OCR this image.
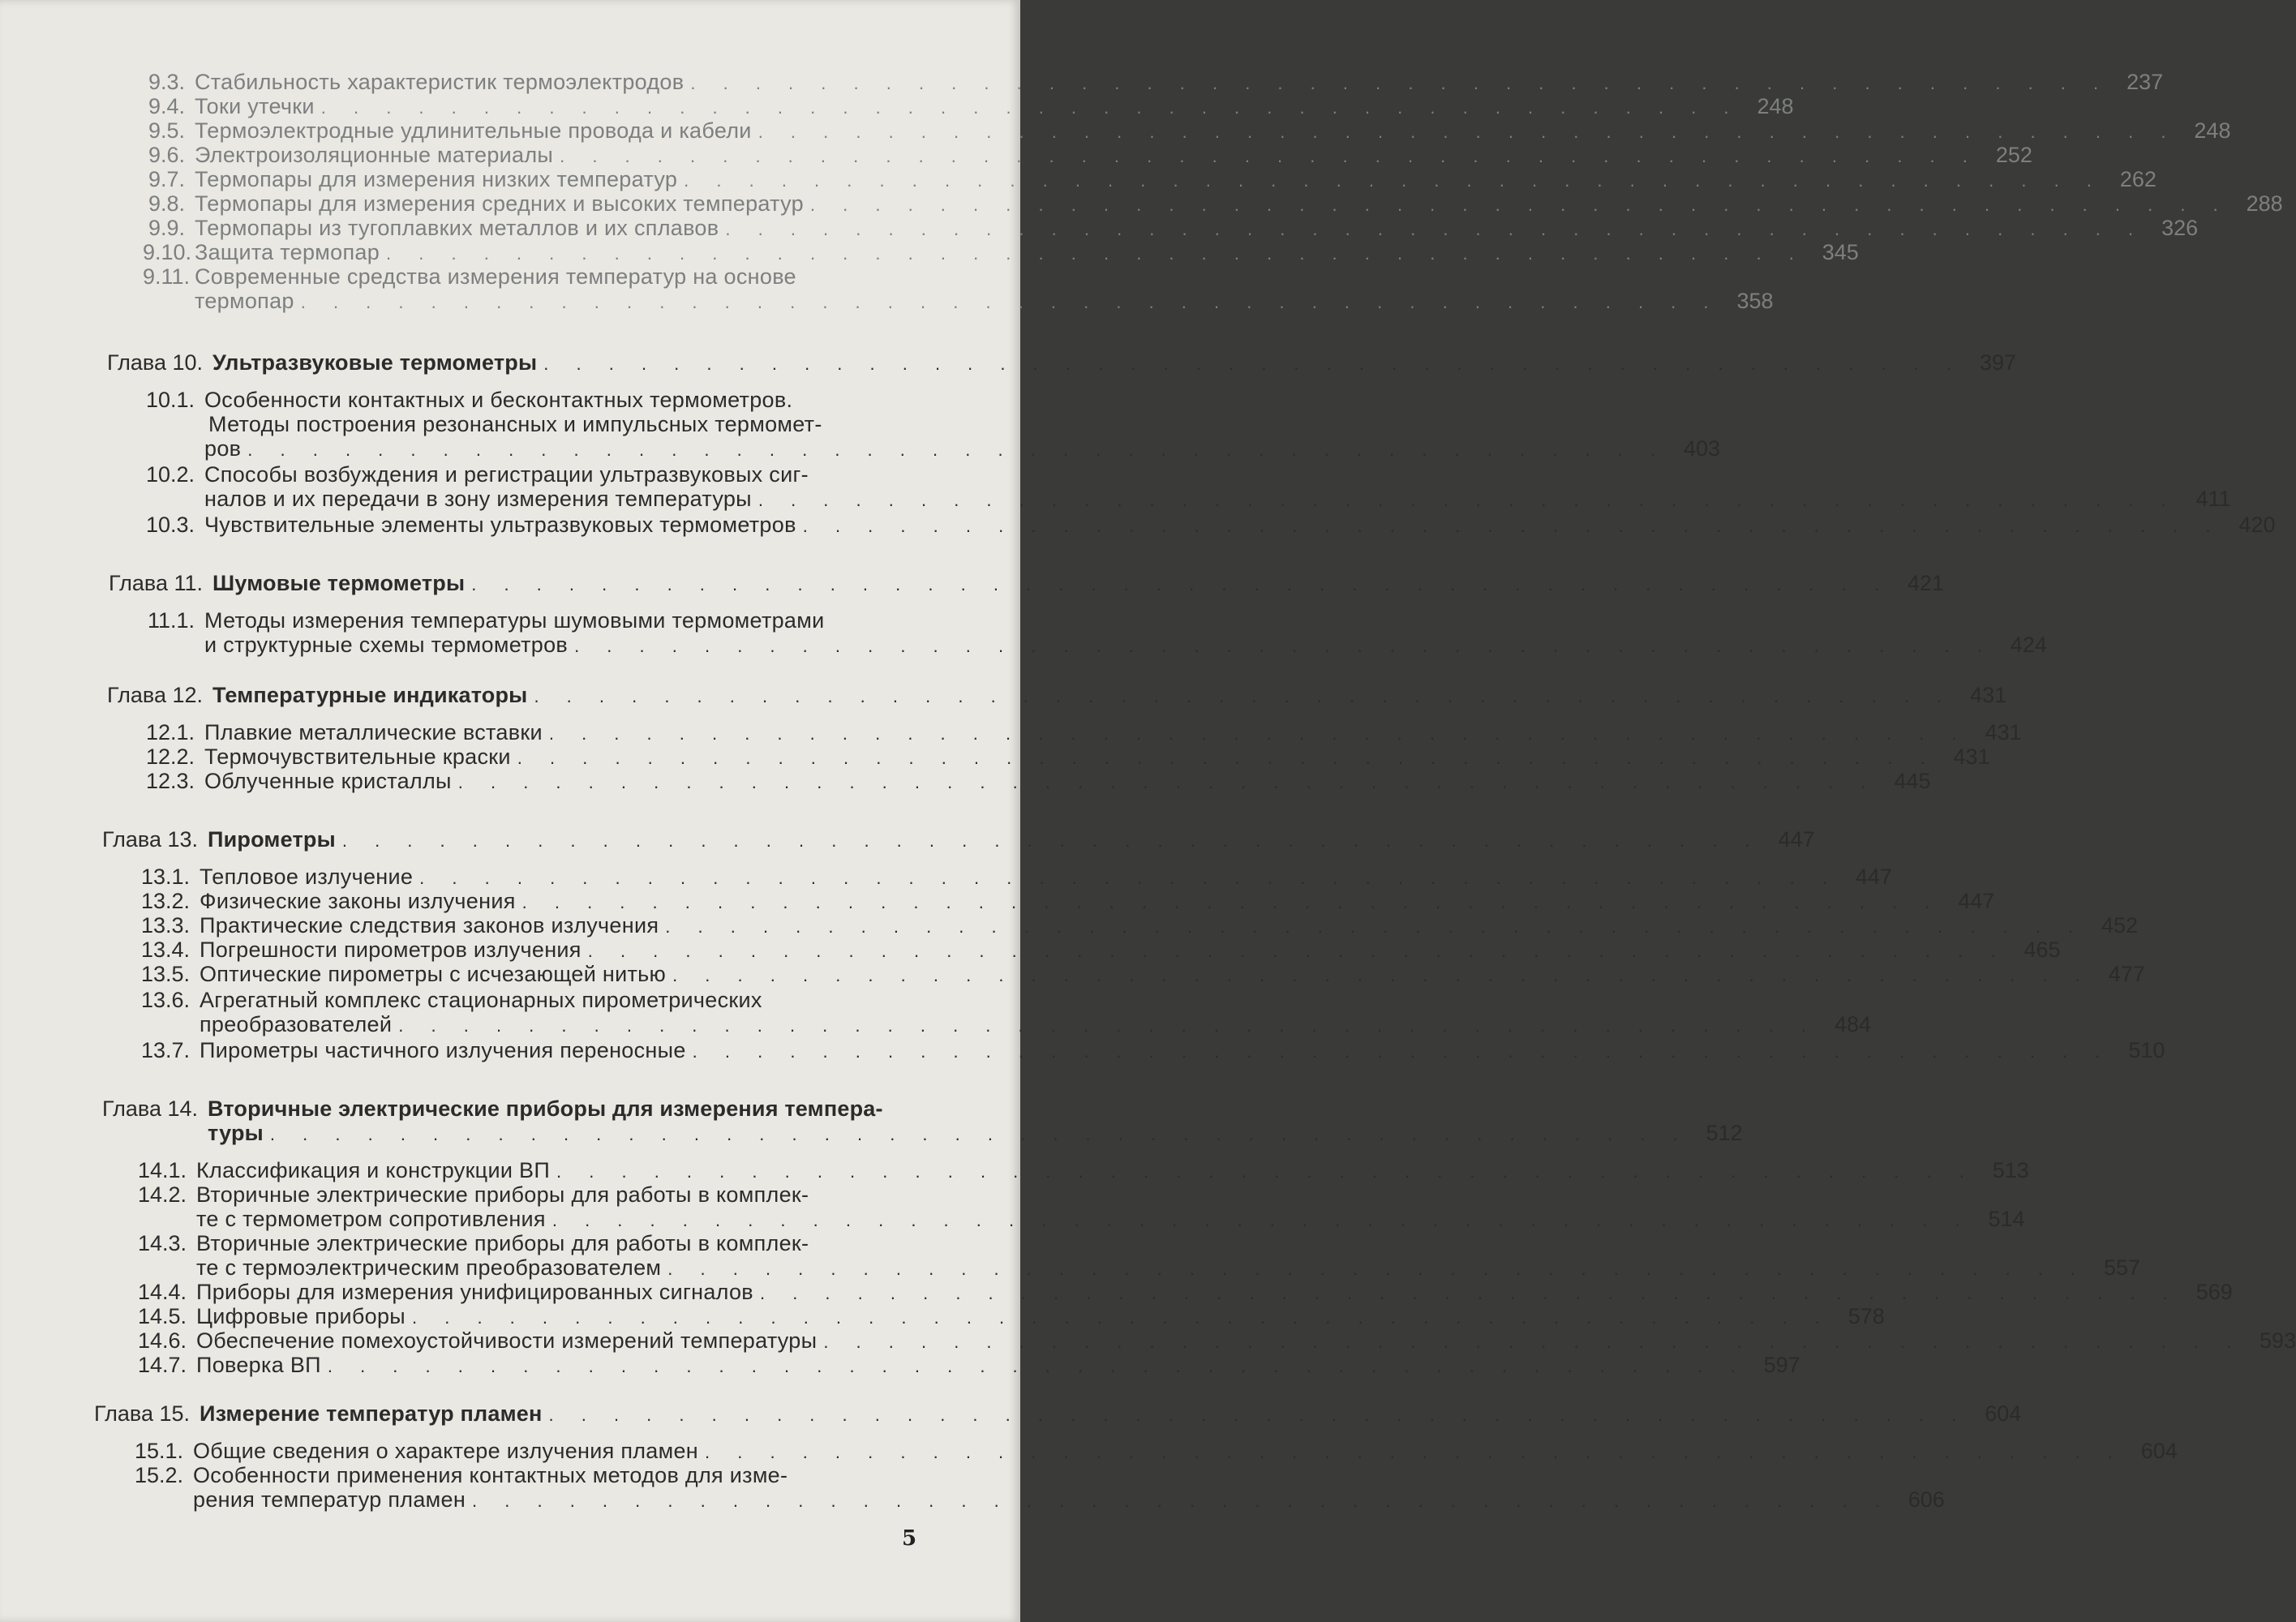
9.3. Стабильность характеристик термоэлектродов . . . . . . . . . . . . . . . . . . . . . . . . . . . . . . . . . . . . . . . . . . . . 237
9.4. Токи утечки . . . . . . . . . . . . . . . . . . . . . . . . . . . . . . . . . . . . . . . . . . . . 248
9.5. Термоэлектродные удлинительные провода и кабели . . . . . . . . . . . . . . . . . . . . . . . . . . . . . . . . . . . . . . . . . . . . 248
9.6. Электроизоляционные материалы . . . . . . . . . . . . . . . . . . . . . . . . . . . . . . . . . . . . . . . . . . . . 252
9.7. Термопары для измерения низких температур . . . . . . . . . . . . . . . . . . . . . . . . . . . . . . . . . . . . . . . . . . . . 262
9.8. Термопары для измерения средних и высоких температур . . . . . . . . . . . . . . . . . . . . . . . . . . . . . . . . . . . . . . . . . . . . 288
9.9. Термопары из тугоплавких металлов и их сплавов . . . . . . . . . . . . . . . . . . . . . . . . . . . . . . . . . . . . . . . . . . . . 326
9.10. Защита термопар . . . . . . . . . . . . . . . . . . . . . . . . . . . . . . . . . . . . . . . . . . . . 345
9.11. Современные средства измерения температур на основе
термопар . . . . . . . . . . . . . . . . . . . . . . . . . . . . . . . . . . . . . . . . . . . . 358
Глава 10. Ультразвуковые термометры . . . . . . . . . . . . . . . . . . . . . . . . . . . . . . . . . . . . . . . . . . . . 397
10.1. Особенности контактных и бесконтактных термометров.
Методы построения резонансных и импульсных термомет-
ров . . . . . . . . . . . . . . . . . . . . . . . . . . . . . . . . . . . . . . . . . . . . 403
10.2. Способы возбуждения и регистрации ультразвуковых сиг-
налов и их передачи в зону измерения температуры . . . . . . . . . . . . . . . . . . . . . . . . . . . . . . . . . . . . . . . . . . . . 411
10.3. Чувствительные элементы ультразвуковых термометров . . . . . . . . . . . . . . . . . . . . . . . . . . . . . . . . . . . . . . . . . . . . 420
Глава 11. Шумовые термометры . . . . . . . . . . . . . . . . . . . . . . . . . . . . . . . . . . . . . . . . . . . . 421
11.1. Методы измерения температуры шумовыми термометрами
и структурные схемы термометров . . . . . . . . . . . . . . . . . . . . . . . . . . . . . . . . . . . . . . . . . . . . 424
Глава 12. Температурные индикаторы . . . . . . . . . . . . . . . . . . . . . . . . . . . . . . . . . . . . . . . . . . . . 431
12.1. Плавкие металлические вставки . . . . . . . . . . . . . . . . . . . . . . . . . . . . . . . . . . . . . . . . . . . . 431
12.2. Термочувствительные краски . . . . . . . . . . . . . . . . . . . . . . . . . . . . . . . . . . . . . . . . . . . . 431
12.3. Облученные кристаллы . . . . . . . . . . . . . . . . . . . . . . . . . . . . . . . . . . . . . . . . . . . . 445
Глава 13. Пирометры . . . . . . . . . . . . . . . . . . . . . . . . . . . . . . . . . . . . . . . . . . . . 447
13.1. Тепловое излучение . . . . . . . . . . . . . . . . . . . . . . . . . . . . . . . . . . . . . . . . . . . . 447
13.2. Физические законы излучения . . . . . . . . . . . . . . . . . . . . . . . . . . . . . . . . . . . . . . . . . . . . 447
13.3. Практические следствия законов излучения . . . . . . . . . . . . . . . . . . . . . . . . . . . . . . . . . . . . . . . . . . . . 452
13.4. Погрешности пирометров излучения . . . . . . . . . . . . . . . . . . . . . . . . . . . . . . . . . . . . . . . . . . . . 465
13.5. Оптические пирометры с исчезающей нитью . . . . . . . . . . . . . . . . . . . . . . . . . . . . . . . . . . . . . . . . . . . . 477
13.6. Агрегатный комплекс стационарных пирометрических
преобразователей . . . . . . . . . . . . . . . . . . . . . . . . . . . . . . . . . . . . . . . . . . . . 484
13.7. Пирометры частичного излучения переносные . . . . . . . . . . . . . . . . . . . . . . . . . . . . . . . . . . . . . . . . . . . . 510
Глава 14. Вторичные электрические приборы для измерения темпера-
туры . . . . . . . . . . . . . . . . . . . . . . . . . . . . . . . . . . . . . . . . . . . . 512
14.1. Классификация и конструкции ВП . . . . . . . . . . . . . . . . . . . . . . . . . . . . . . . . . . . . . . . . . . . . 513
14.2. Вторичные электрические приборы для работы в комплек-
те с термометром сопротивления . . . . . . . . . . . . . . . . . . . . . . . . . . . . . . . . . . . . . . . . . . . . 514
14.3. Вторичные электрические приборы для работы в комплек-
те с термоэлектрическим преобразователем . . . . . . . . . . . . . . . . . . . . . . . . . . . . . . . . . . . . . . . . . . . . 557
14.4. Приборы для измерения унифицированных сигналов . . . . . . . . . . . . . . . . . . . . . . . . . . . . . . . . . . . . . . . . . . . . 569
14.5. Цифровые приборы . . . . . . . . . . . . . . . . . . . . . . . . . . . . . . . . . . . . . . . . . . . . 578
14.6. Обеспечение помехоустойчивости измерений температуры . . . . . . . . . . . . . . . . . . . . . . . . . . . . . . . . . . . . . . . . . . . . 593
14.7. Поверка ВП . . . . . . . . . . . . . . . . . . . . . . . . . . . . . . . . . . . . . . . . . . . . 597
Глава 15. Измерение температур пламен . . . . . . . . . . . . . . . . . . . . . . . . . . . . . . . . . . . . . . . . . . . . 604
15.1. Общие сведения о характере излучения пламен . . . . . . . . . . . . . . . . . . . . . . . . . . . . . . . . . . . . . . . . . . . . 604
15.2. Особенности применения контактных методов для изме-
рения температур пламен . . . . . . . . . . . . . . . . . . . . . . . . . . . . . . . . . . . . . . . . . . . . 606
5
